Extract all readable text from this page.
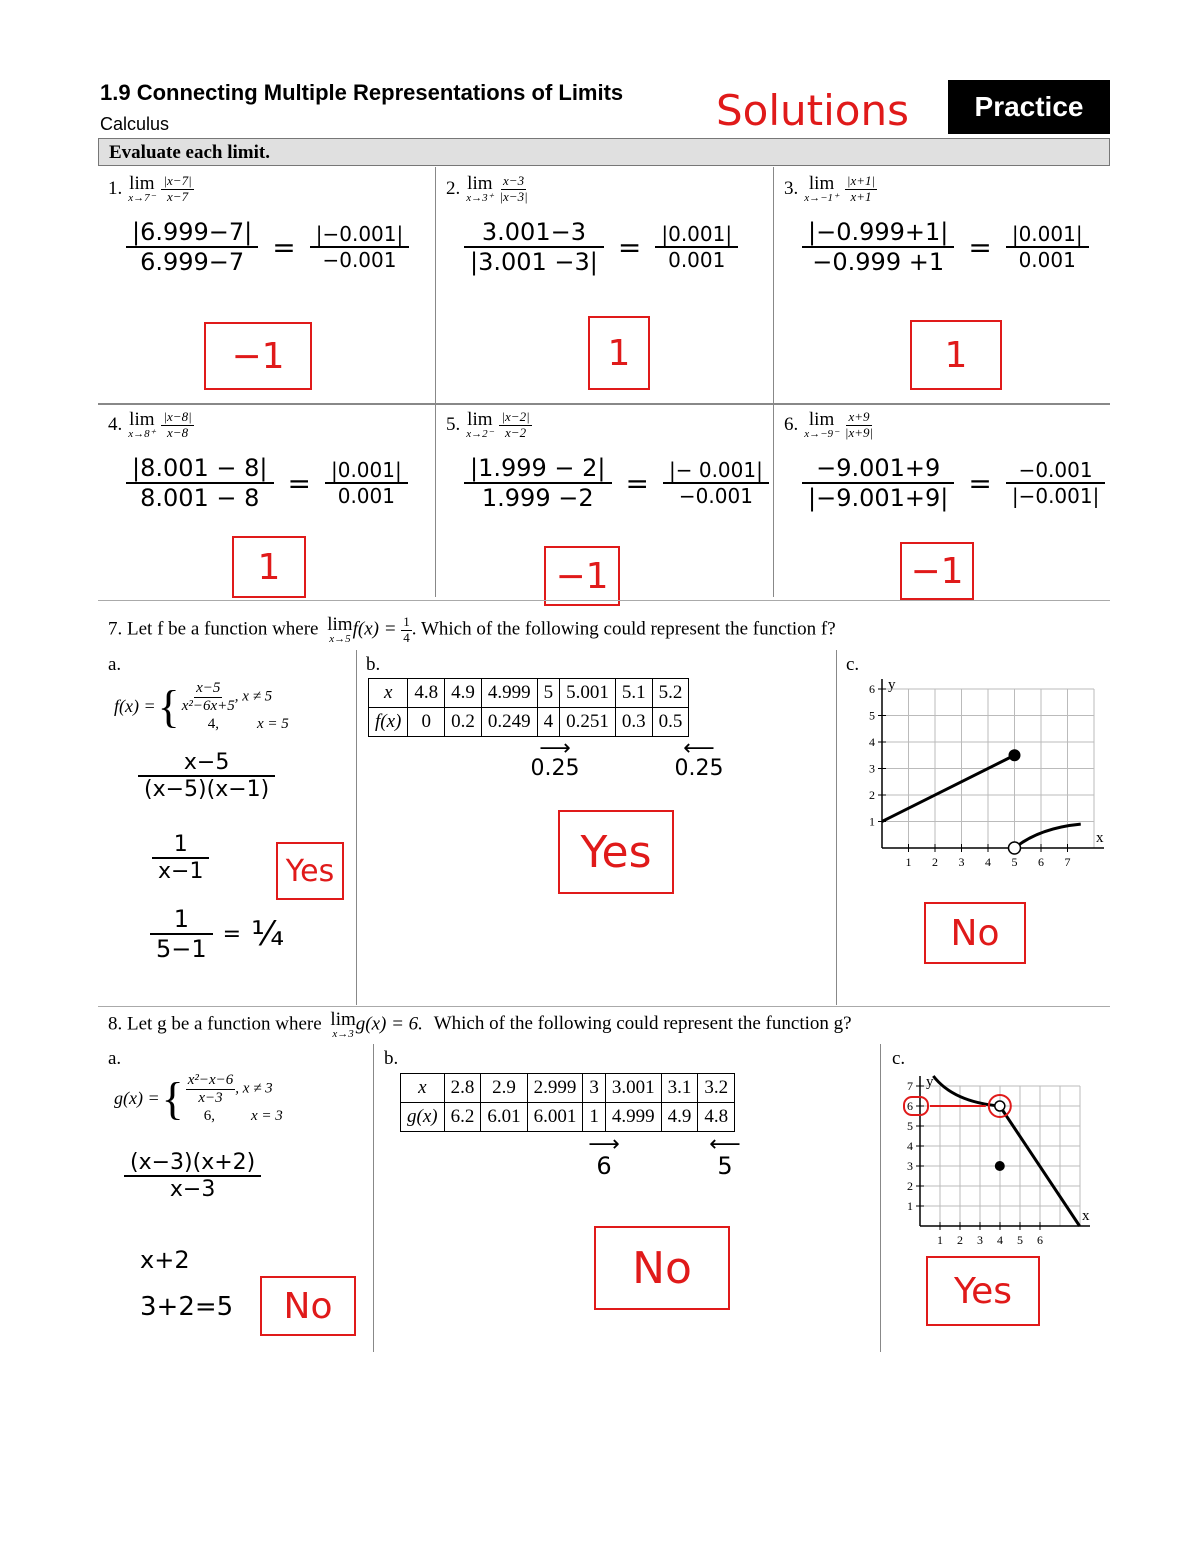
1.9 Connecting Multiple Representations of Limits
Calculus	Solutions	Practice
Evaluate each limit.
1. lim
$x\to 7^- \frac{|x-7|}{x-7}$
$\frac{|6.999-7|}{6.999-7} = \frac{|-0.001|}{-0.001}$
−1
2. lim
$x\to 3^+ \frac{x-3}{|x-3|}$
$\frac{3.001-3}{|3.001 -3|} = \frac{|0.001|}{0.001}$
1
3. lim
$x\to-1^+ \frac{|x+1|}{x+1}$
$\frac{|-0.999+1|}{-0.999 +1} = \frac{|0.001|}{0.001}$
1
4. lim
$x\to 8^+ \frac{|x-8|}{x-8}$
$\frac{|8.001 - 8|}{8.001 - 8} = \frac{|0.001|}{0.001}$
1
5. lim
$x\to 2^- \frac{|x-2|}{x-2}$
$\frac{|1.999 - 2|}{1.999 -2} = \frac{|- 0.001|}{-0.001}$
−1
6. lim
$x\to-9^- \frac{x+9}{|x+9|}$
$\frac{-9.001+9}{|-9.001+9|} = \frac{-0.001}{|-0.001|}$
−1
7. Let f be a function where lim
x→5 $f(x) = \frac{1}{4}$ . Which of the following could represent the function f?
a.
f(x) = { $\frac{x-5}{\text{x²−6x+5}}$ , x ≠ 5
4,	x = 5
x−5
(x−5)(x−1)
1
x−1
$\frac{1}{5-1}$ = ¼
Yes
b.
x	4.8	4.9	4.999	5	5.001	5.1	5.2
f(x)	0	0.2	0.249	4	0.251	0.3	0.5
⟶
0.25
⟵
0.25
Yes
c.
1 2 3 4 5 6 7
1
2
3
4
5
6
x
y
No
8. Let g be a function where lim
x→3 g(x) = 6. Which of the following could represent the function g?
a.
g(x) = { $\frac{\text{x²−x−6}}{x-3}$ , x ≠ 3
6, x = 3
(x−3)(x+2)
x−3
x+2
3+2=5	No
b.
x	2.8	2.9	2.999	3	3.001	3.1	3.2
g(x)	6.2	6.01	6.001	1	4.999	4.9	4.8
⟶
6
⟵
5
No
c.
1 2 3 4 5 6
1
2
3
4
5
6
7
x
y
Yes
